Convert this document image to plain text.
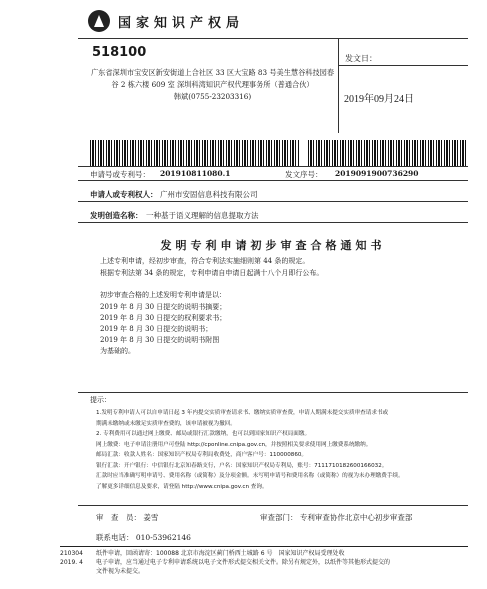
国家知识产权局
518100
广东省深圳市宝安区新安街道上合社区 33 区大宝路 83 号美生慧谷科技园春谷 2 栋六楼 609 室 深圳科湾知识产权代理事务所（普通合伙）
韩斌(0755-23203316)
发文日：
2019年09月24日
申请号或专利号： 201910811080.1	发文序号： 2019091900736290
申请人或专利权人： 广州市安固信息科技有限公司
发明创造名称： 一种基于语义理解的信息提取方法
发明专利申请初步审查合格通知书
上述专利申请，经初步审查，符合专利法实施细则第 44 条的规定。
根据专利法第 34 条的规定，专利申请自申请日起满十八个月即行公布。
初步审查合格的上述发明专利申请是以：
2019 年 8 月 30 日提交的说明书摘要；
2019 年 8 月 30 日提交的权利要求书；
2019 年 8 月 30 日提交的说明书；
2019 年 8 月 30 日提交的说明书附图
为基础的。
提示：
1.发明专利申请人可以自申请日起 3 年内提交实质审查请求书、缴纳实质审查费，申请人期满未提交实质审查请求书或
期满未缴纳或未缴足实质审查费的，该申请被视为撤回。
2. 专利费用可以通过网上缴费、邮局或银行汇款缴纳，也可以到国家知识产权局面缴。
网上缴费：电子申请注册用户可登陆 http://cponline.cnipa.gov.cn，并按照相关要求使用网上缴费系统缴纳。
邮局汇款：收款人姓名：国家知识产权局专利局收费处，商户客户号：110000860。
银行汇款：开户银行：中信银行北京知春路支行，户名：国家知识产权局专利局，账号：7111710182600166032。
汇款时应当准确写明申请号、费用名称（或简称）及分项金额。未写明申请号和费用名称（或简称）的视为未办理缴费手续。
了解更多详细信息及要求，请登陆 http://www.cnipa.gov.cn 查询。
审　查　员： 姜雪	审查部门： 专利审查协作北京中心初步审查部
联系电话： 010-53962146
210304
2019. 4
纸件申请，回函请寄：100088 北京市海淀区蓟门桥西土城路 6 号　国家知识产权局受理处收
电子申请，应当通过电子专利申请系统以电子文件形式提交相关文件。除另有规定外，以纸件等其他形式提交的
文件视为未提交。
